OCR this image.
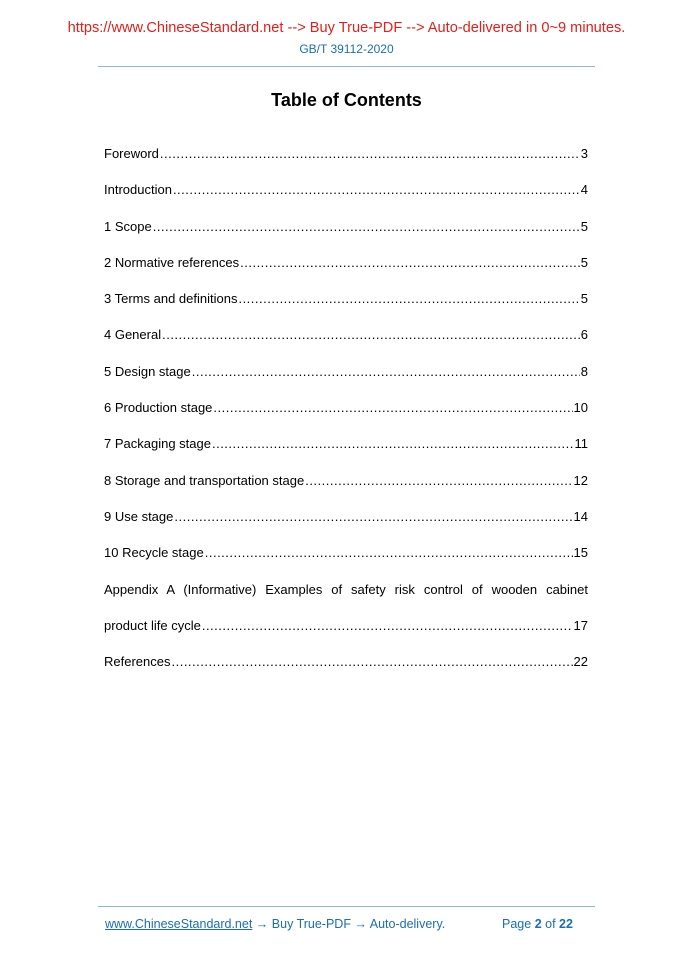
https://www.ChineseStandard.net --> Buy True-PDF --> Auto-delivered in 0~9 minutes.
GB/T 39112-2020
Table of Contents
Foreword .....	3
Introduction .....	4
1 Scope .....	5
2 Normative references .....	5
3 Terms and definitions .....	5
4 General .....	6
5 Design stage .....	8
6 Production stage .....	10
7 Packaging stage .....	11
8 Storage and transportation stage .....	12
9 Use stage .....	14
10 Recycle stage .....	15
Appendix A (Informative) Examples of safety risk control of wooden cabinet
product life cycle .....	17
References .....	22
www.ChineseStandard.net → Buy True-PDF → Auto-delivery.	Page 2 of 22
